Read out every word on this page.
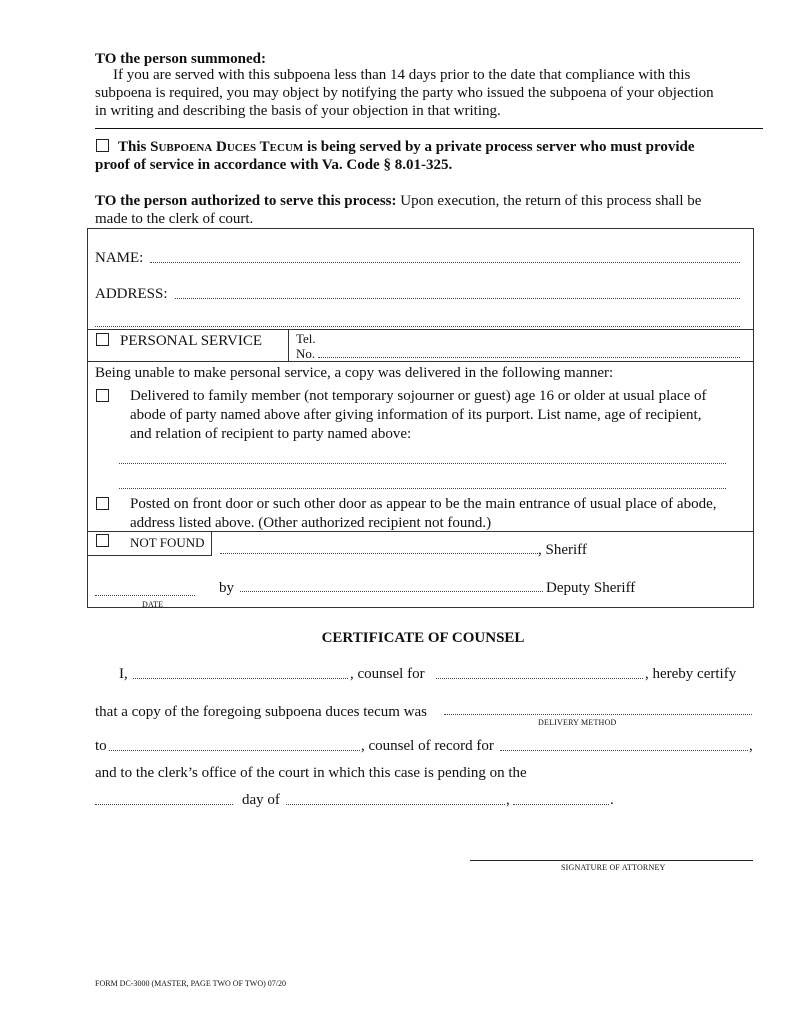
TO the person summoned:
If you are served with this subpoena less than 14 days prior to the date that compliance with this
subpoena is required, you may object by notifying the party who issued the subpoena of your objection
in writing and describing the basis of your objection in that writing.
This SUBPOENA DUCES TECUM is being served by a private process server who must provide
proof of service in accordance with Va. Code § 8.01-325.
TO the person authorized to serve this process: Upon execution, the return of this process shall be
made to the clerk of court.
NAME:
ADDRESS:
PERSONAL SERVICE	Tel.
No.
Being unable to make personal service, a copy was delivered in the following manner:
Delivered to family member (not temporary sojourner or guest) age 16 or older at usual place of
abode of party named above after giving information of its purport. List name, age of recipient,
and relation of recipient to party named above:
Posted on front door or such other door as appear to be the main entrance of usual place of abode,
address listed above. (Other authorized recipient not found.)
NOT FOUND	, Sheriff
DATE
by	Deputy Sheriff
CERTIFICATE OF COUNSEL
I,	, counsel for	, hereby certify
that a copy of the foregoing subpoena duces tecum was
DELIVERY METHOD
to	, counsel of record for	,
and to the clerk’s office of the court in which this case is pending on the
day of	,	.
SIGNATURE OF ATTORNEY
FORM DC-3000 (MASTER, PAGE TWO OF TWO) 07/20
